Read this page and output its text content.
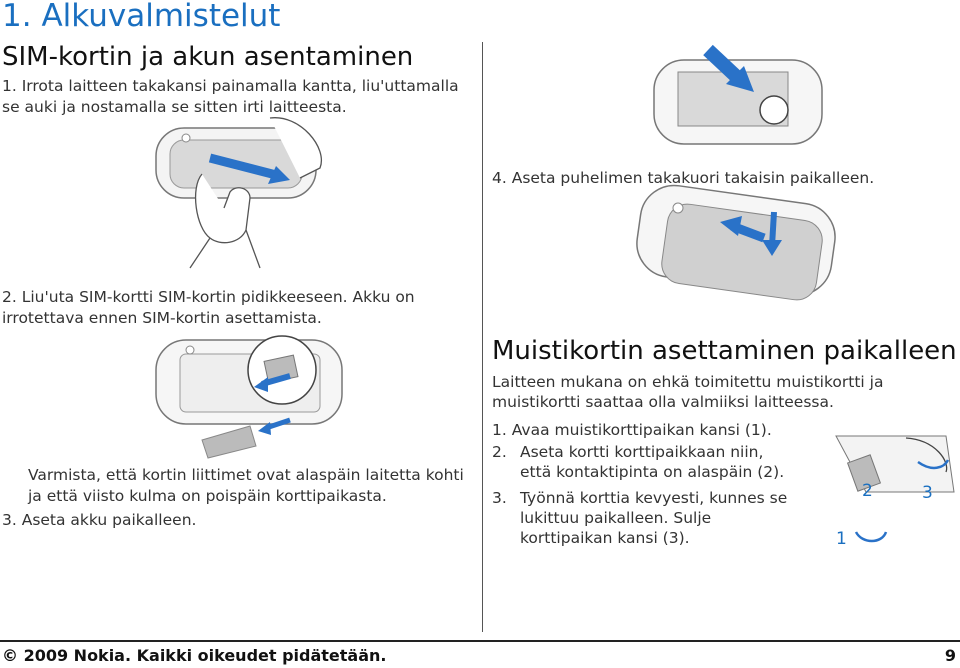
1. Alkuvalmistelut
SIM-kortin ja akun asentaminen

1. Irrota laitteen takakansi painamalla kantta, liu'uttamalla se auki ja nostamalla se sitten irti laitteesta.

2. Liu'uta SIM-kortti SIM-kortin pidikkeeseen. Akku on irrotettava ennen SIM-kortin asettamista.

Varmista, että kortin liittimet ovat alaspäin laitetta kohti ja että viisto kulma on poispäin korttipaikasta.

3. Aseta akku paikalleen.

4. Aseta puhelimen takakuori takaisin paikalleen.

Muistikortin asettaminen paikalleen

Laitteen mukana on ehkä toimitettu muistikortti ja muistikortti saattaa olla valmiiksi laitteessa.

1. Avaa muistikorttipaikan kansi (1).

2. Aseta kortti korttipaikkaan niin, että kontaktipinta on alaspäin (2).
3. Työnnä korttia kevyesti, kunnes se lukittuu paikalleen. Sulje korttipaikan kansi (3).	1
2	3
© 2009 Nokia. Kaikki oikeudet pidätetään.	9
